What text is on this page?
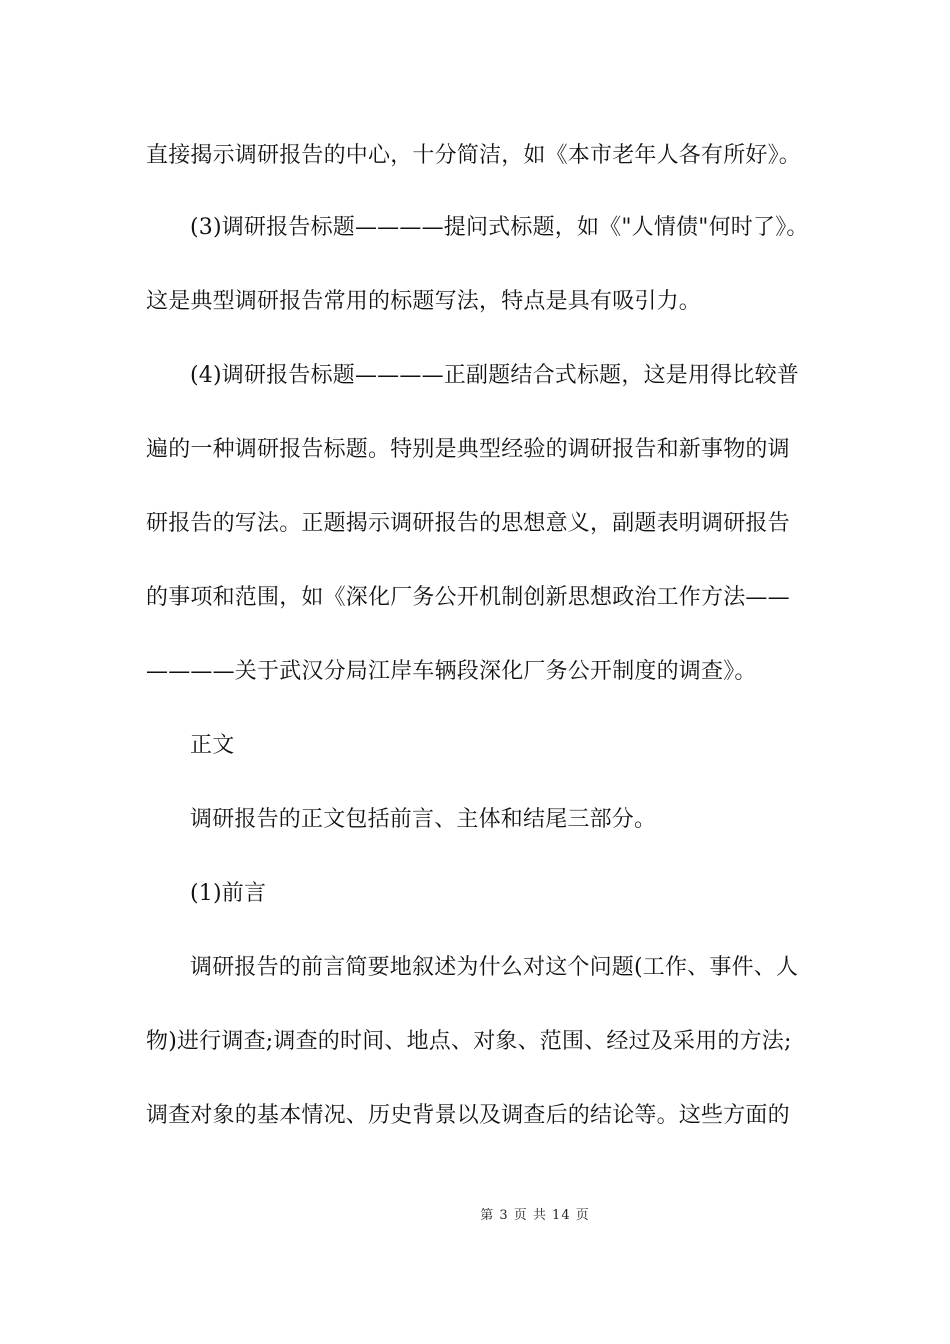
直接揭示调研报告的中心，十分简洁，如《本市老年人各有所好》。
(3)调研报告标题————提问式标题，如《"人情债"何时了》。
这是典型调研报告常用的标题写法，特点是具有吸引力。
(4)调研报告标题————正副题结合式标题，这是用得比较普
遍的一种调研报告标题。特别是典型经验的调研报告和新事物的调
研报告的写法。正题揭示调研报告的思想意义，副题表明调研报告
的事项和范围，如《深化厂务公开机制创新思想政治工作方法——
————关于武汉分局江岸车辆段深化厂务公开制度的调查》。
正文
调研报告的正文包括前言、主体和结尾三部分。
(1)前言
调研报告的前言简要地叙述为什么对这个问题(工作、事件、人
物)进行调查;调查的时间、地点、对象、范围、经过及采用的方法;
调查对象的基本情况、历史背景以及调查后的结论等。这些方面的
第 3 页 共 14 页
